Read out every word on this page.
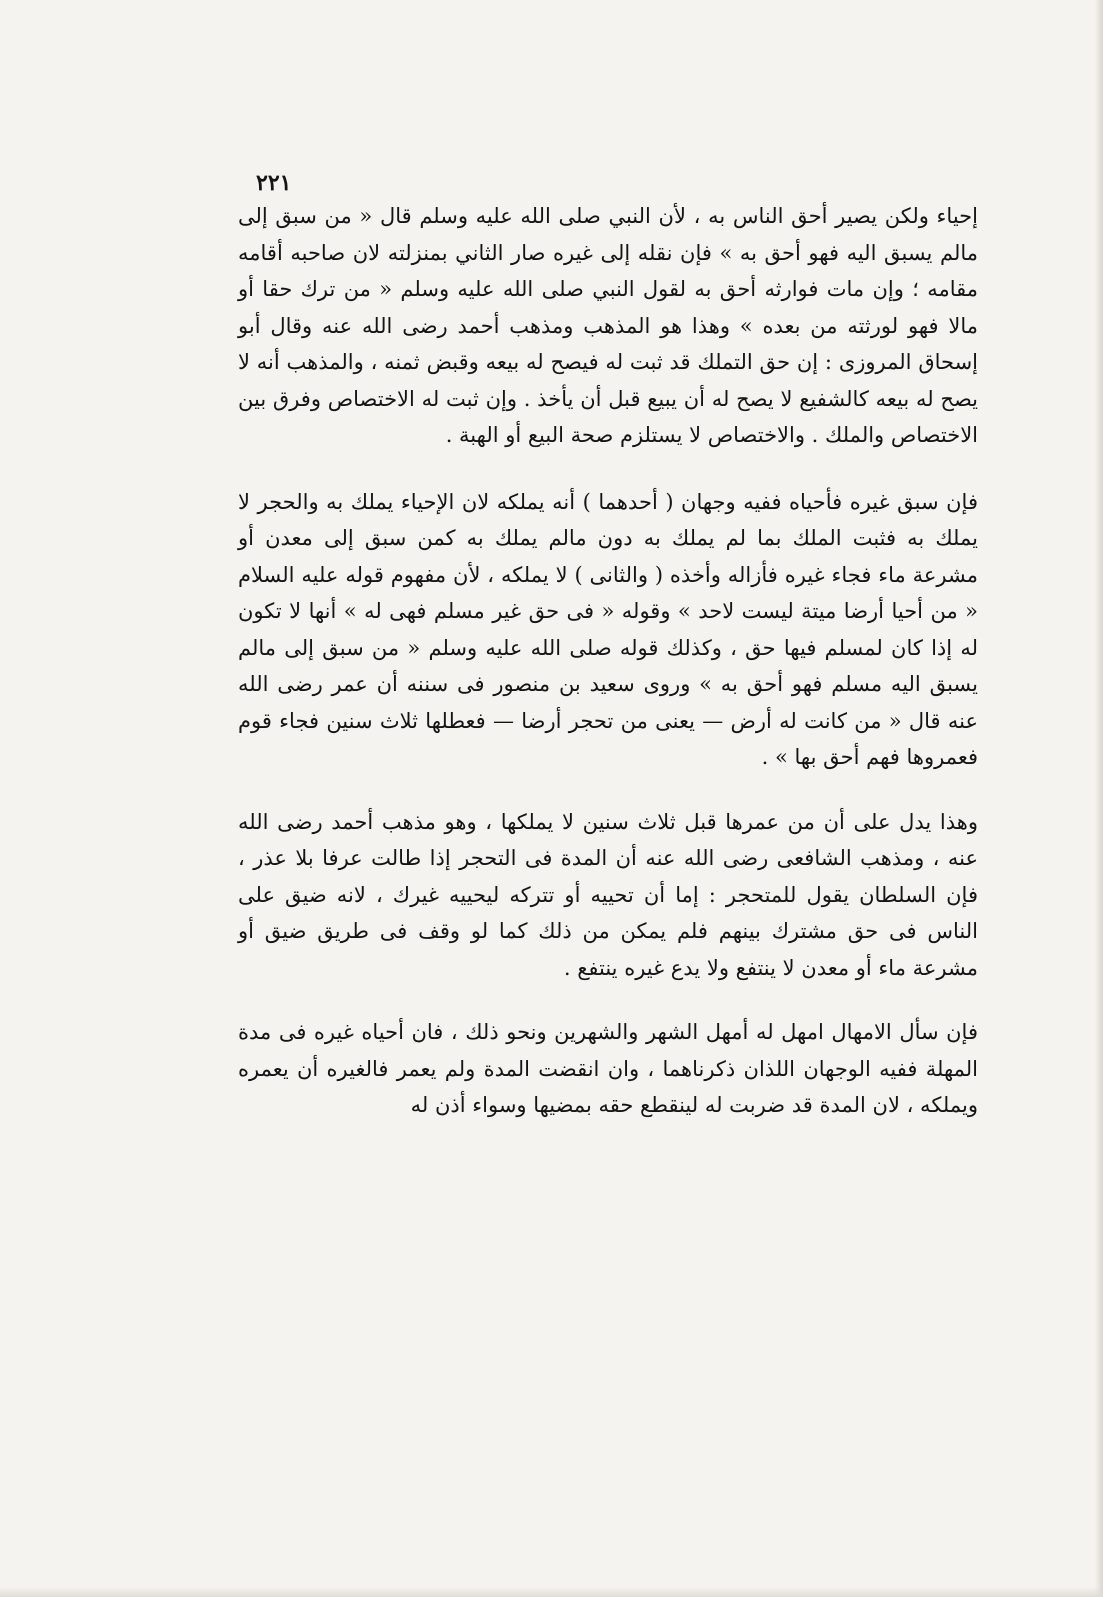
٢٢١

إحياء ولكن يصير أحق الناس به ، لأن النبي صلى الله عليه وسلم قال « من سبق إلى مالم يسبق اليه فهو أحق به » فإن نقله إلى غيره صار الثاني بمنزلته لان صاحبه أقامه مقامه ؛ وإن مات فوارثه أحق به لقول النبي صلى الله عليه وسلم « من ترك حقا أو مالا فهو لورثته من بعده » وهذا هو المذهب ومذهب أحمد رضى الله عنه وقال أبو إسحاق المروزى : إن حق التملك قد ثبت له فيصح له بيعه وقبض ثمنه ، والمذهب أنه لا يصح له بيعه كالشفيع لا يصح له أن يبيع قبل أن يأخذ . وإن ثبت له الاختصاص وفرق بين الاختصاص والملك . والاختصاص لا يستلزم صحة البيع أو الهبة .

فإن سبق غيره فأحياه ففيه وجهان ( أحدهما ) أنه يملكه لان الإحياء يملك به والحجر لا يملك به فثبت الملك بما لم يملك به دون مالم يملك به كمن سبق إلى معدن أو مشرعة ماء فجاء غيره فأزاله وأخذه ( والثانى ) لا يملكه ، لأن مفهوم قوله عليه السلام « من أحيا أرضا ميتة ليست لاحد » وقوله « فى حق غير مسلم فهى له » أنها لا تكون له إذا كان لمسلم فيها حق ، وكذلك قوله صلى الله عليه وسلم « من سبق إلى مالم يسبق اليه مسلم فهو أحق به » وروى سعيد بن منصور فى سننه أن عمر رضى الله عنه قال « من كانت له أرض — يعنى من تحجر أرضا — فعطلها ثلاث سنين فجاء قوم فعمروها فهم أحق بها » .

وهذا يدل على أن من عمرها قبل ثلاث سنين لا يملكها ، وهو مذهب أحمد رضى الله عنه ، ومذهب الشافعى رضى الله عنه أن المدة فى التحجر إذا طالت عرفا بلا عذر ، فإن السلطان يقول للمتحجر : إما أن تحييه أو تتركه ليحييه غيرك ، لانه ضيق على الناس فى حق مشترك بينهم فلم يمكن من ذلك كما لو وقف فى طريق ضيق أو مشرعة ماء أو معدن لا ينتفع ولا يدع غيره ينتفع .

فإن سأل الامهال امهل له أمهل الشهر والشهرين ونحو ذلك ، فان أحياه غيره فى مدة المهلة ففيه الوجهان اللذان ذكرناهما ، وان انقضت المدة ولم يعمر فالغيره أن يعمره ويملكه ، لان المدة قد ضربت له لينقطع حقه بمضيها وسواء أذن له
